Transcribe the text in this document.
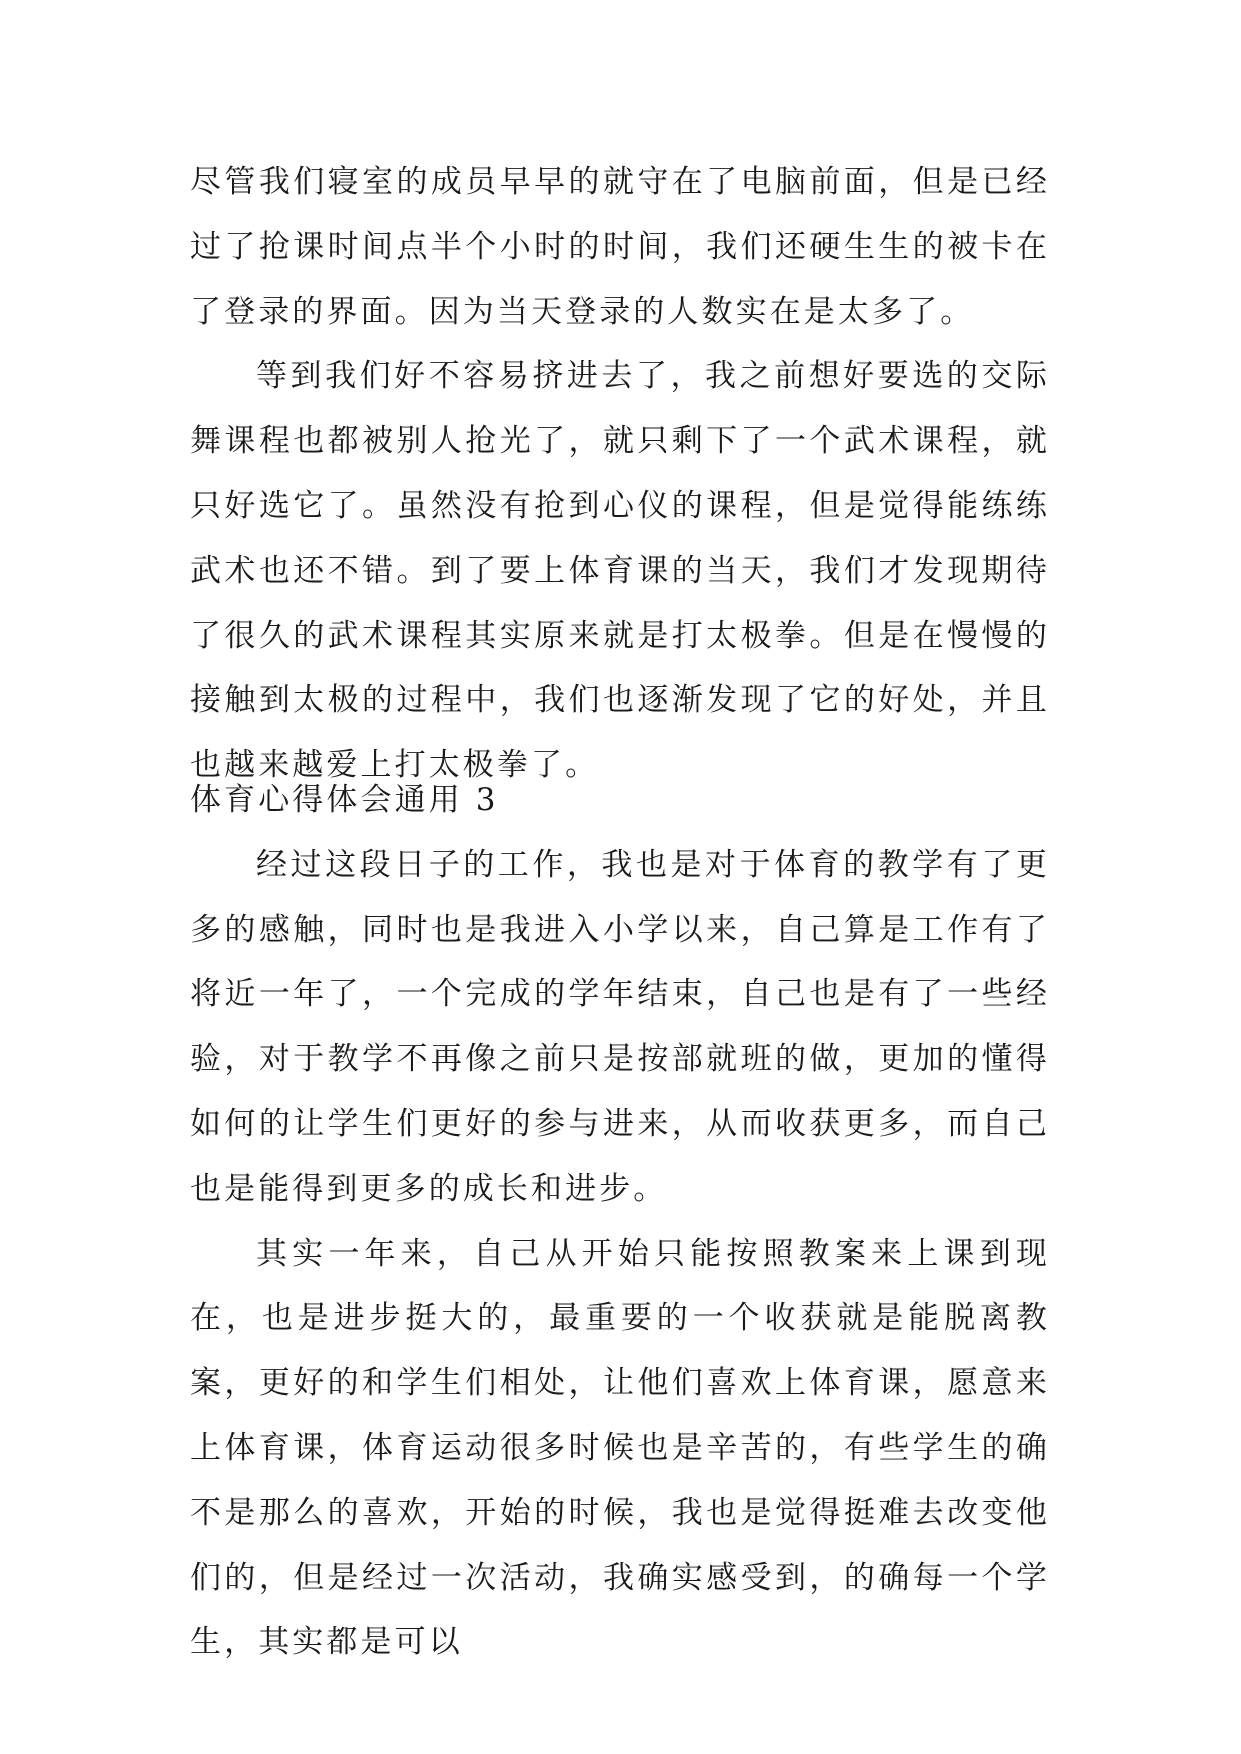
尽管我们寝室的成员早早的就守在了电脑前面，但是已经过了抢课时间点半个小时的时间，我们还硬生生的被卡在了登录的界面。因为当天登录的人数实在是太多了。

等到我们好不容易挤进去了，我之前想好要选的交际舞课程也都被别人抢光了，就只剩下了一个武术课程，就只好选它了。虽然没有抢到心仪的课程，但是觉得能练练武术也还不错。到了要上体育课的当天，我们才发现期待了很久的武术课程其实原来就是打太极拳。但是在慢慢的接触到太极的过程中，我们也逐渐发现了它的好处，并且也越来越爱上打太极拳了。

体育心得体会通用 3

经过这段日子的工作，我也是对于体育的教学有了更多的感触，同时也是我进入小学以来，自己算是工作有了将近一年了，一个完成的学年结束，自己也是有了一些经验，对于教学不再像之前只是按部就班的做，更加的懂得如何的让学生们更好的参与进来，从而收获更多，而自己也是能得到更多的成长和进步。

其实一年来，自己从开始只能按照教案来上课到现在，也是进步挺大的，最重要的一个收获就是能脱离教案，更好的和学生们相处，让他们喜欢上体育课，愿意来上体育课，体育运动很多时候也是辛苦的，有些学生的确不是那么的喜欢，开始的时候，我也是觉得挺难去改变他们的，但是经过一次活动，我确实感受到，的确每一个学生，其实都是可以
